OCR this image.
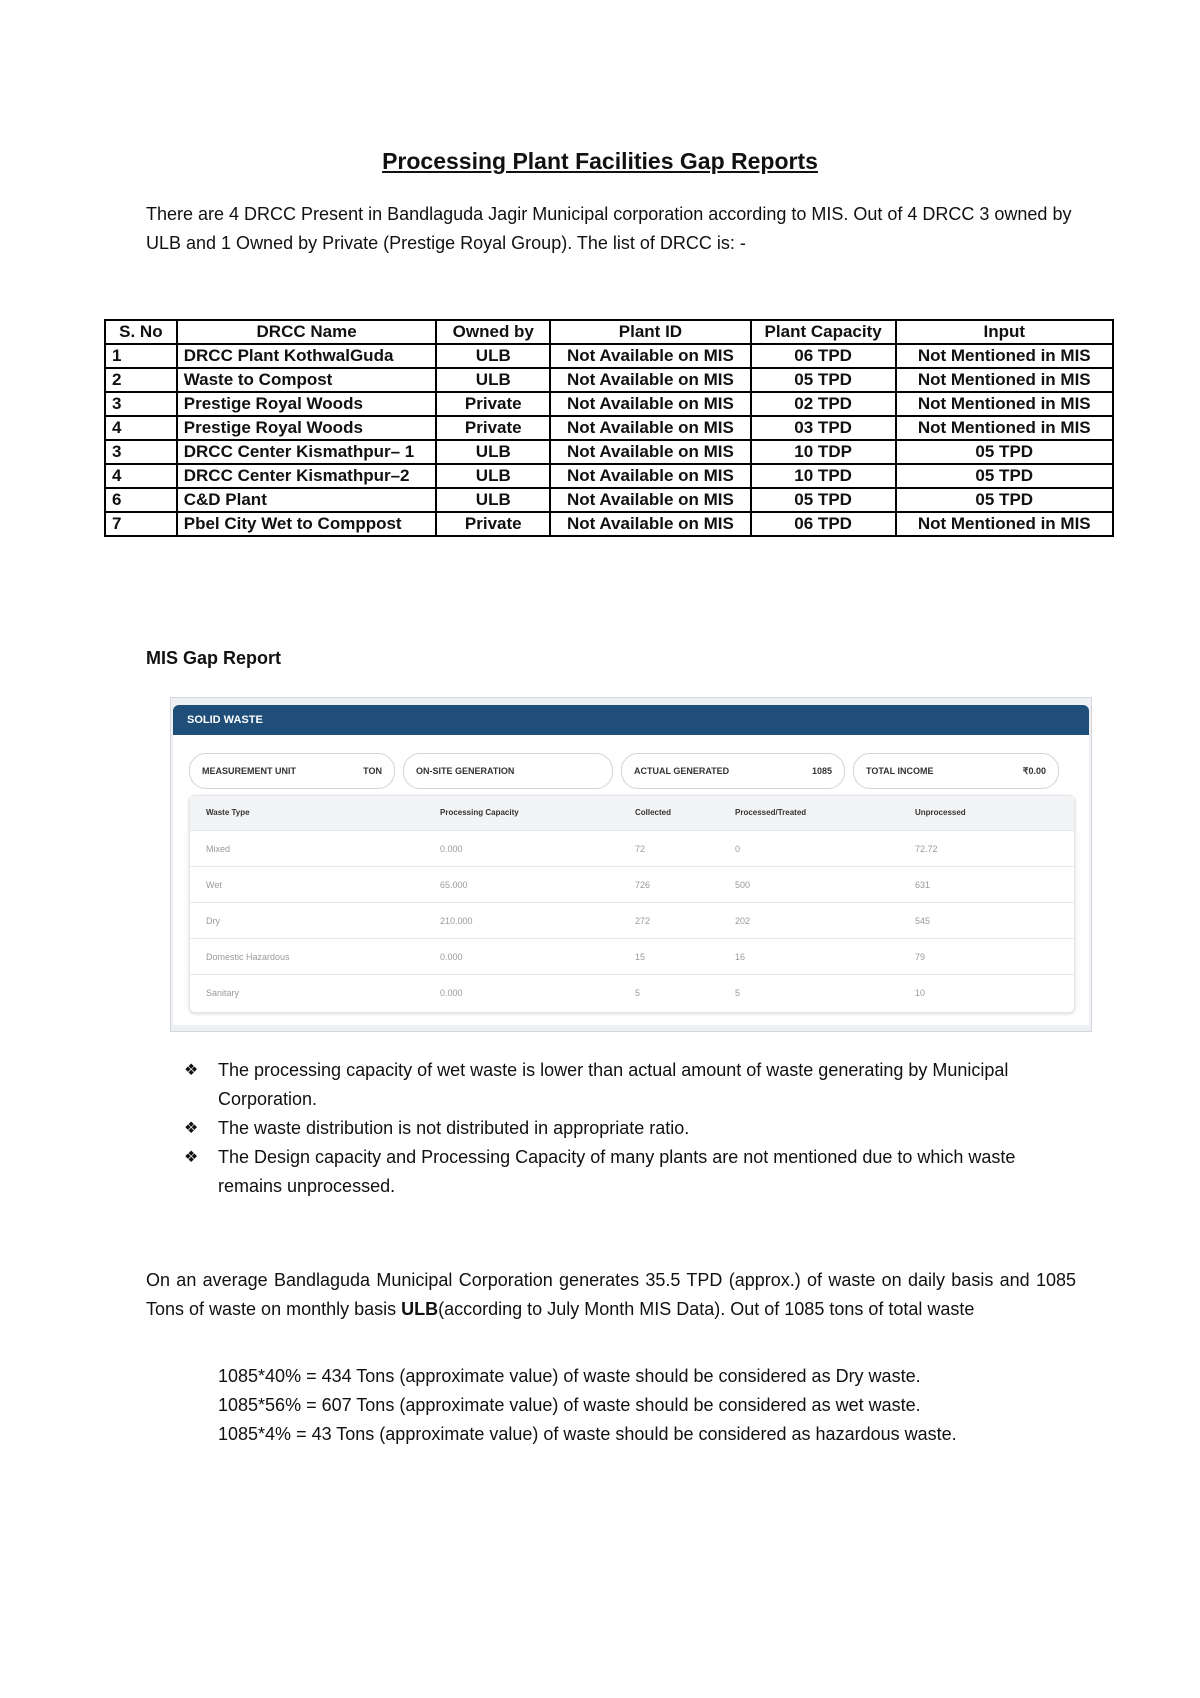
Processing Plant Facilities Gap Reports
There are 4 DRCC Present in Bandlaguda Jagir Municipal corporation according to MIS. Out of 4 DRCC 3 owned by ULB and 1 Owned by Private (Prestige Royal Group). The list of DRCC is: -
S. No	DRCC Name	Owned by	Plant ID	Plant Capacity	Input
1	DRCC Plant KothwalGuda	ULB	Not Available on MIS	06 TPD	Not Mentioned in MIS
2	Waste to Compost	ULB	Not Available on MIS	05 TPD	Not Mentioned in MIS
3	Prestige Royal Woods	Private	Not Available on MIS	02 TPD	Not Mentioned in MIS
4	Prestige Royal Woods	Private	Not Available on MIS	03 TPD	Not Mentioned in MIS
3	DRCC Center Kismathpur– 1	ULB	Not Available on MIS	10 TDP	05 TPD
4	DRCC Center Kismathpur–2	ULB	Not Available on MIS	10 TPD	05 TPD
6	C&D Plant	ULB	Not Available on MIS	05 TPD	05 TPD
7	Pbel City Wet to Comppost	Private	Not Available on MIS	06 TPD	Not Mentioned in MIS
MIS Gap Report
SOLID WASTE
MEASUREMENT UNIT	TON	ON-SITE GENERATION	ACTUAL GENERATED	1085	TOTAL INCOME	₹0.00
Waste Type	Processing Capacity	Collected	Processed/Treated	Unprocessed
Mixed	0.000	72	0	72.72
Wet	65.000	726	500	631
Dry	210.000	272	202	545
Domestic Hazardous	0.000	15	16	79
Sanitary	0.000	5	5	10
❖ The processing capacity of wet waste is lower than actual amount of waste generating by Municipal Corporation.
❖ The waste distribution is not distributed in appropriate ratio.
❖ The Design capacity and Processing Capacity of many plants are not mentioned due to which waste remains unprocessed.
On an average Bandlaguda Municipal Corporation generates 35.5 TPD (approx.) of waste on daily basis and 1085 Tons of waste on monthly basis ULB(according to July Month MIS Data). Out of 1085 tons of total waste
1085*40% = 434 Tons (approximate value) of waste should be considered as Dry waste.
1085*56% = 607 Tons (approximate value) of waste should be considered as wet waste.
1085*4% = 43 Tons (approximate value) of waste should be considered as hazardous waste.
